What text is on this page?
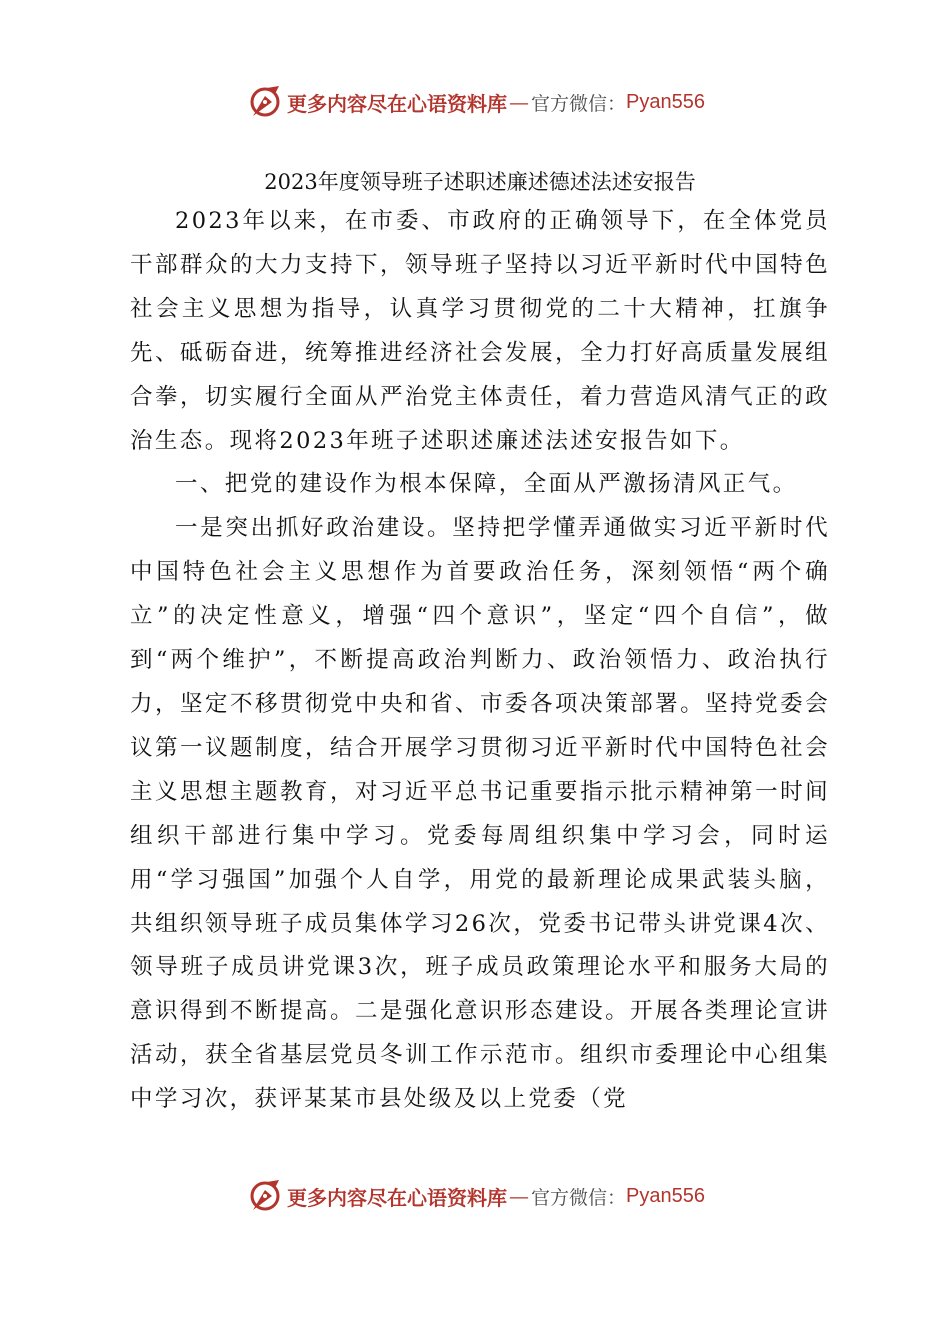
更多内容尽在心语资料库 — 官方微信： Pyan556
2023年度领导班子述职述廉述德述法述安报告

2023年以来，在市委、市政府的正确领导下，在全体党员干部群众的大力支持下，领导班子坚持以习近平新时代中国特色社会主义思想为指导，认真学习贯彻党的二十大精神，扛旗争先、砥砺奋进，统筹推进经济社会发展，全力打好高质量发展组合拳，切实履行全面从严治党主体责任，着力营造风清气正的政治生态。现将2023年班子述职述廉述法述安报告如下。

一、把党的建设作为根本保障，全面从严激扬清风正气。

一是突出抓好政治建设。坚持把学懂弄通做实习近平新时代中国特色社会主义思想作为首要政治任务，深刻领悟“两个确立”的决定性意义，增强“四个意识”，坚定“四个自信”，做到“两个维护”，不断提高政治判断力、政治领悟力、政治执行力，坚定不移贯彻党中央和省、市委各项决策部署。坚持党委会议第一议题制度，结合开展学习贯彻习近平新时代中国特色社会主义思想主题教育，对习近平总书记重要指示批示精神第一时间组织干部进行集中学习。党委每周组织集中学习会，同时运用“学习强国”加强个人自学，用党的最新理论成果武装头脑，共组织领导班子成员集体学习26次，党委书记带头讲党课4次、领导班子成员讲党课3次，班子成员政策理论水平和服务大局的意识得到不断提高。二是强化意识形态建设。开展各类理论宣讲活动，获全省基层党员冬训工作示范市。组织市委理论中心组集中学习次，获评某某市县处级及以上党委（党

更多内容尽在心语资料库 — 官方微信： Pyan556
